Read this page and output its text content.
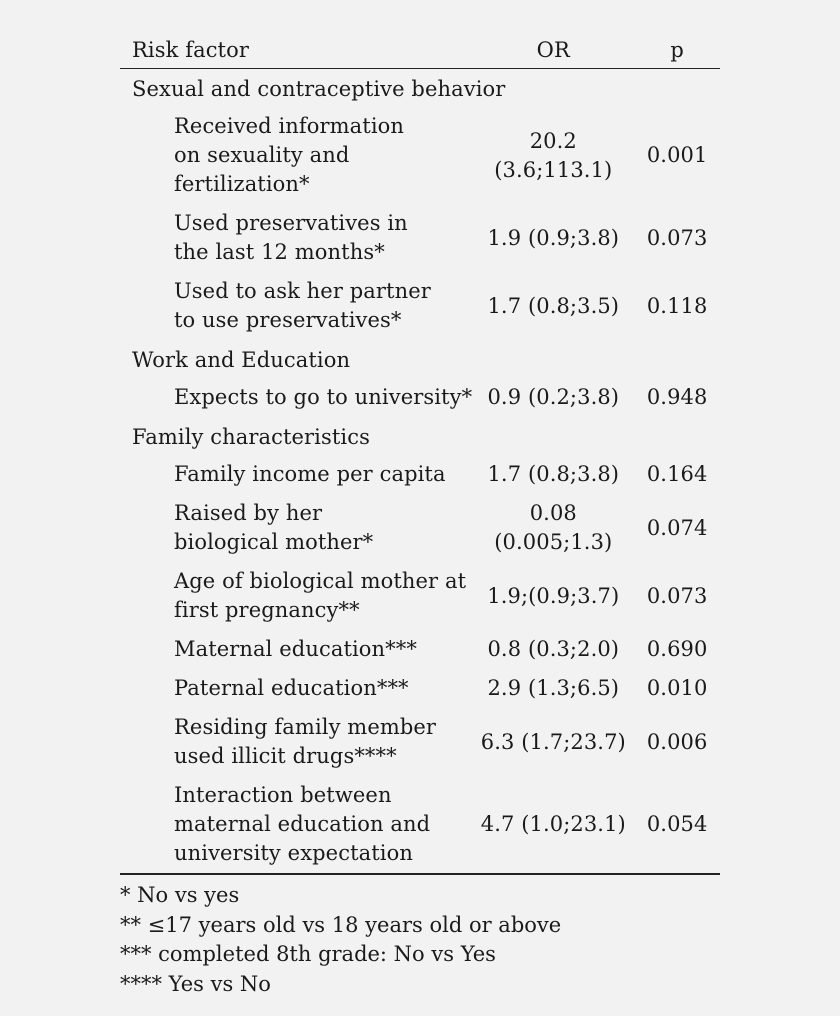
Risk factor	OR	p
Sexual and contraceptive behavior		
Received information on sexuality and fertilization*	20.2 (3.6;113.1)	0.001
Used preservatives in the last 12 months*	1.9 (0.9;3.8)	0.073
Used to ask her partner to use preservatives*	1.7 (0.8;3.5)	0.118
Work and Education		
Expects to go to university*	0.9 (0.2;3.8)	0.948
Family characteristics		
Family income per capita	1.7 (0.8;3.8)	0.164
Raised by her biological mother*	0.08 (0.005;1.3)	0.074
Age of biological mother at first pregnancy**	1.9;(0.9;3.7)	0.073
Maternal education***	0.8 (0.3;2.0)	0.690
Paternal education***	2.9 (1.3;6.5)	0.010
Residing family member used illicit drugs****	6.3 (1.7;23.7)	0.006
Interaction between maternal education and university expectation	4.7 (1.0;23.1)	0.054
* No vs yes
** ≤17 years old vs 18 years old or above
*** completed 8th grade: No vs Yes
**** Yes vs No
